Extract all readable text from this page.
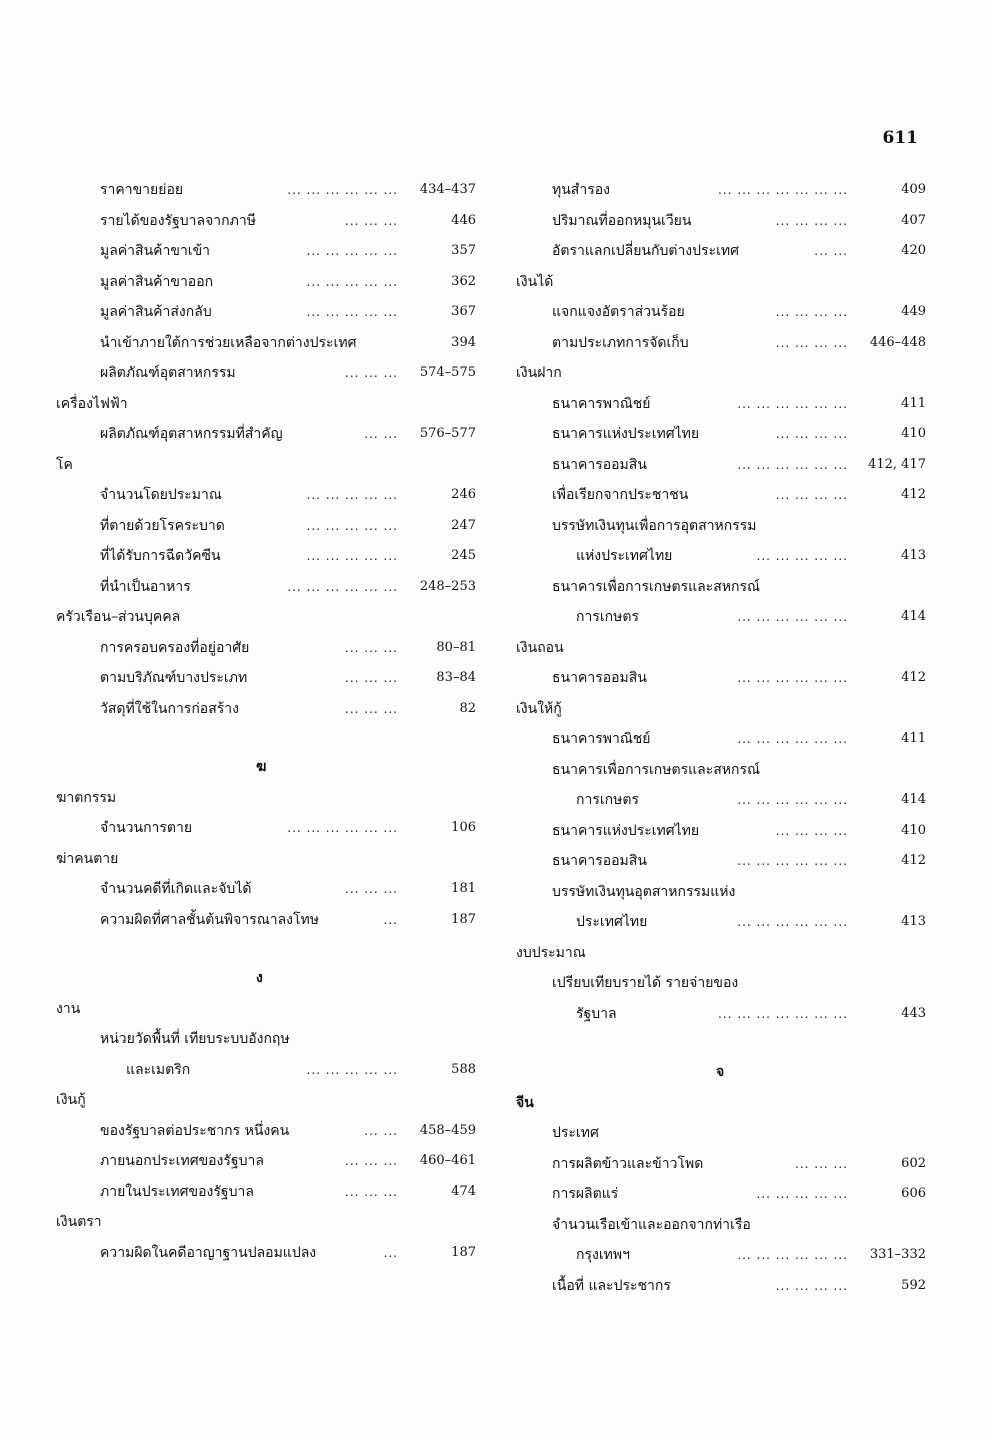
611
ราคาขายย่อย	... ... ... ... ... ... 434–437
รายได้ของรัฐบาลจากภาษี	... ... ...	446
มูลค่าสินค้าขาเข้า	... ... ... ... ...	357
มูลค่าสินค้าขาออก	... ... ... ... ...	362
มูลค่าสินค้าส่งกลับ	... ... ... ... ...	367
นำเข้าภายใต้การช่วยเหลือจากต่างประเทศ	394
ผลิตภัณฑ์อุตสาหกรรม	... ... ... 574–575
เครื่องไฟฟ้า
ผลิตภัณฑ์อุตสาหกรรมที่สำคัญ	... ... 576–577
โค
จำนวนโดยประมาณ	... ... ... ... ...	246
ที่ตายด้วยโรคระบาด	... ... ... ... ...	247
ที่ได้รับการฉีดวัคซีน	... ... ... ... ...	245
ที่นำเป็นอาหาร	... ... ... ... ... ... 248–253
ครัวเรือน–ส่วนบุคคล
การครอบครองที่อยู่อาศัย	... ... ...	80–81
ตามบริภัณฑ์บางประเภท	... ... ...	83–84
วัสดุที่ใช้ในการก่อสร้าง	... ... ...	82
ฆ
ฆาตกรรม
จำนวนการตาย	... ... ... ... ... ...	106
ฆ่าคนตาย
จำนวนคดีที่เกิดและจับได้	... ... ...	181
ความผิดที่ศาลชั้นต้นพิจารณาลงโทษ	...	187
ง
งาน
หน่วยวัดพื้นที่ เทียบระบบอังกฤษ
และเมตริก	... ... ... ... ...	588
เงินกู้
ของรัฐบาลต่อประชากร หนึ่งคน	... ... 458–459
ภายนอกประเทศของรัฐบาล	... ... ... 460–461
ภายในประเทศของรัฐบาล	... ... ...	474
เงินตรา
ความผิดในคดีอาญาฐานปลอมแปลง	...	187
ทุนสำรอง	... ... ... ... ... ... ...	409
ปริมาณที่ออกหมุนเวียน	... ... ... ...	407
อัตราแลกเปลี่ยนกับต่างประเทศ	... ...	420
เงินได้
แจกแจงอัตราส่วนร้อย	... ... ... ...	449
ตามประเภทการจัดเก็บ	... ... ... ... 446–448
เงินฝาก
ธนาคารพาณิชย์	... ... ... ... ... ...	411
ธนาคารแห่งประเทศไทย	... ... ... ...	410
ธนาคารออมสิน	... ... ... ... ... ... 412, 417
เพื่อเรียกจากประชาชน	... ... ... ...	412
บรรษัทเงินทุนเพื่อการอุตสาหกรรม
แห่งประเทศไทย	... ... ... ... ...	413
ธนาคารเพื่อการเกษตรและสหกรณ์
การเกษตร	... ... ... ... ... ...	414
เงินถอน
ธนาคารออมสิน	... ... ... ... ... ...	412
เงินให้กู้
ธนาคารพาณิชย์	... ... ... ... ... ...	411
ธนาคารเพื่อการเกษตรและสหกรณ์
การเกษตร	... ... ... ... ... ...	414
ธนาคารแห่งประเทศไทย	... ... ... ...	410
ธนาคารออมสิน	... ... ... ... ... ...	412
บรรษัทเงินทุนอุตสาหกรรมแห่ง
ประเทศไทย	... ... ... ... ... ...	413
งบประมาณ
เปรียบเทียบรายได้ รายจ่ายของ
รัฐบาล	... ... ... ... ... ... ...	443
จ
จีน
ประเทศ
การผลิตข้าวและข้าวโพด	... ... ...	602
การผลิตแร่	... ... ... ... ...	606
จำนวนเรือเข้าและออกจากท่าเรือ
กรุงเทพฯ	... ... ... ... ... ... 331–332
เนื้อที่ และประชากร	... ... ... ...	592
